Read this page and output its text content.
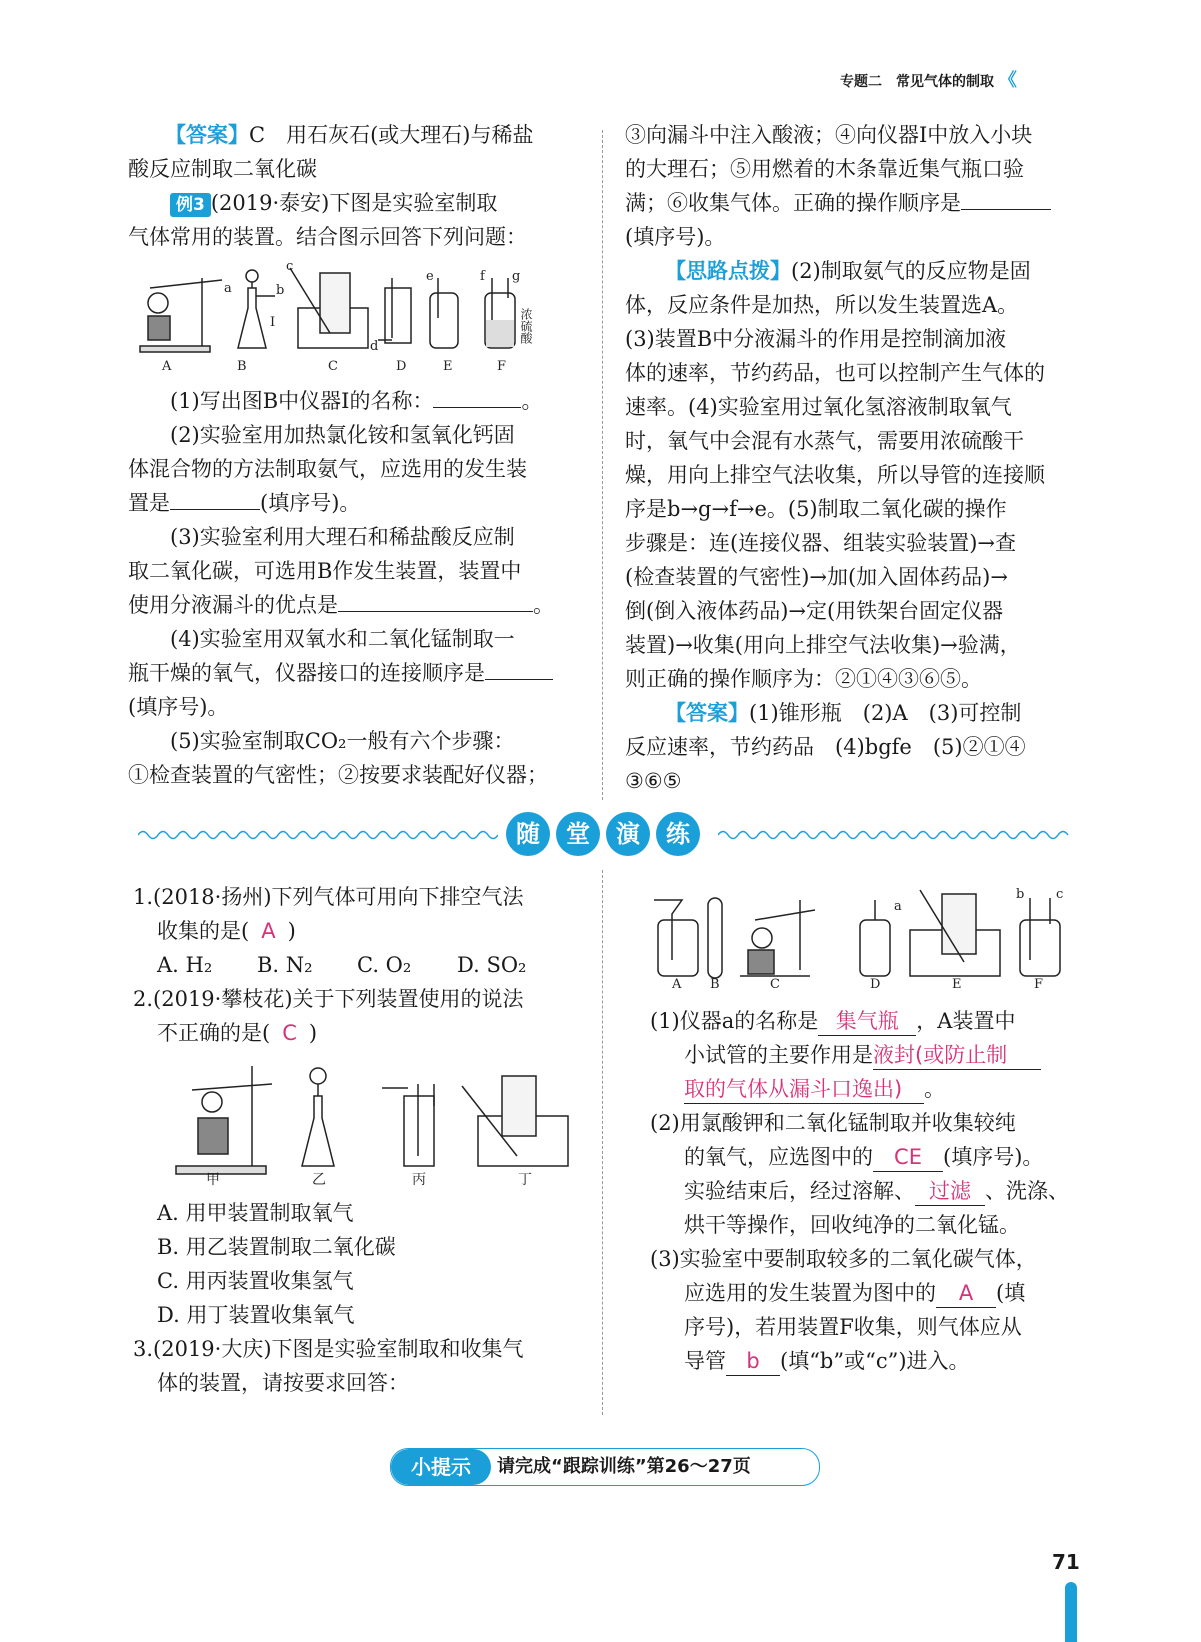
专题二　常见气体的制取 《
【答案】C　用石灰石(或大理石)与稀盐
酸反应制取二氧化碳
例3 (2019·泰安)下图是实验室制取
气体常用的装置。结合图示回答下列问题：
A	B	C	D	E	F
a	b
c
d
e	f g
I	浓硫酸
(1)写出图B中仪器Ⅰ的名称：	。
(2)实验室用加热氯化铵和氢氧化钙固
体混合物的方法制取氨气，应选用的发生装
置是	(填序号)。
(3)实验室利用大理石和稀盐酸反应制
取二氧化碳，可选用B作发生装置，装置中
使用分液漏斗的优点是	。
(4)实验室用双氧水和二氧化锰制取一
瓶干燥的氧气，仪器接口的连接顺序是
(填序号)。
(5)实验室制取CO₂一般有六个步骤：
①检查装置的气密性；②按要求装配好仪器；
③向漏斗中注入酸液；④向仪器Ⅰ中放入小块
的大理石；⑤用燃着的木条靠近集气瓶口验
满；⑥收集气体。正确的操作顺序是
(填序号)。
【思路点拨】(2)制取氨气的反应物是固
体，反应条件是加热，所以发生装置选A。
(3)装置B中分液漏斗的作用是控制滴加液
体的速率，节约药品，也可以控制产生气体的
速率。(4)实验室用过氧化氢溶液制取氧气
时，氧气中会混有水蒸气，需要用浓硫酸干
燥，用向上排空气法收集，所以导管的连接顺
序是b→g→f→e。(5)制取二氧化碳的操作
步骤是：连(连接仪器、组装实验装置)→查
(检查装置的气密性)→加(加入固体药品)→
倒(倒入液体药品)→定(用铁架台固定仪器
装置)→收集(用向上排空气法收集)→验满，
则正确的操作顺序为：②①④③⑥⑤。
【答案】(1)锥形瓶　(2)A　(3)可控制
反应速率，节约药品　(4)bgfe　(5)②①④
③⑥⑤
随	堂	演	练
1.(2018·扬州)下列气体可用向下排空气法
收集的是( A )
A. H₂ B. N₂ C. O₂ D. SO₂
2.(2019·攀枝花)关于下列装置使用的说法
不正确的是( C )
甲	乙	丙	丁
A. 用甲装置制取氧气
B. 用乙装置制取二氧化碳
C. 用丙装置收集氢气
D. 用丁装置收集氧气
3.(2019·大庆)下图是实验室制取和收集气
体的装置，请按要求回答：
A B	C	D	E	F
a
b c
(1)仪器a的名称是 集气瓶 ，A装置中
小试管的主要作用是液封(或防止制
取的气体从漏斗口逸出) 。
(2)用氯酸钾和二氧化锰制取并收集较纯
的氧气，应选图中的 CE (填序号)。
实验结束后，经过溶解、 过滤 、洗涤、
烘干等操作，回收纯净的二氧化锰。
(3)实验室中要制取较多的二氧化碳气体，
应选用的发生装置为图中的 A (填
序号)，若用装置F收集，则气体应从
导管 b (填“b”或“c”)进入。
小提示	请完成“跟踪训练”第26～27页
71
